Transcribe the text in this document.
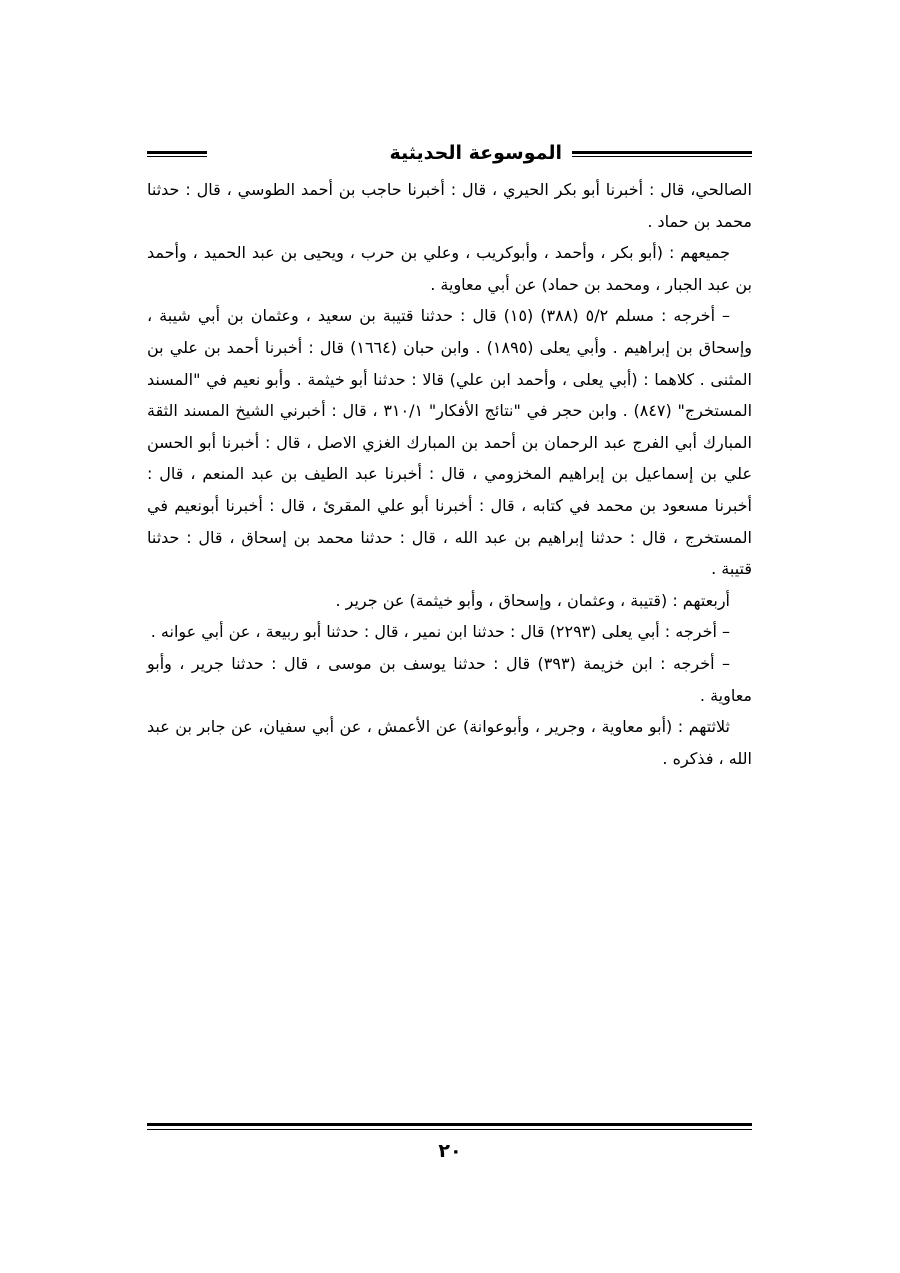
الموسوعة الحديثية

الصالحي، قال : أخبرنا أبو بكر الحيري ، قال : أخبرنا حاجب بن أحمد الطوسي ، قال : حدثنا محمد بن حماد .

جميعهم : (أبو بكر ، وأحمد ، وأبوكريب ، وعلي بن حرب ، ويحيى بن عبد الحميد ، وأحمد بن عبد الجبار ، ومحمد بن حماد) عن أبي معاوية .

– أخرجه : مسلم ٥/٢ (٣٨٨) (١٥) قال : حدثنا قتيبة بن سعيد ، وعثمان بن أبي شيبة ، وإسحاق بن إبراهيم . وأبي يعلى (١٨٩٥) . وابن حبان (١٦٦٤) قال : أخبرنا أحمد بن علي بن المثنى . كلاهما : (أبي يعلى ، وأحمد ابن علي) قالا : حدثنا أبو خيثمة . وأبو نعيم في "المسند المستخرج" (٨٤٧) . وابن حجر في "نتائج الأفكار" ٣١٠/١ ، قال : أخبرني الشيخ المسند الثقة المبارك أبي الفرج عبد الرحمان بن أحمد بن المبارك الغزي الاصل ، قال : أخبرنا أبو الحسن علي بن إسماعيل بن إبراهيم المخزومي ، قال : أخبرنا عبد الطيف بن عبد المنعم ، قال : أخبرنا مسعود بن محمد في كتابه ، قال : أخبرنا أبو علي المقرئ ، قال : أخبرنا أبونعيم في المستخرج ، قال : حدثنا إبراهيم بن عبد الله ، قال : حدثنا محمد بن إسحاق ، قال : حدثنا قتيبة .

أربعتهم : (قتيبة ، وعثمان ، وإسحاق ، وأبو خيثمة) عن جرير .

– أخرجه : أبي يعلى (٢٢٩٣) قال : حدثنا ابن نمير ، قال : حدثنا أبو ربيعة ، عن أبي عوانه .

– أخرجه : ابن خزيمة (٣٩٣) قال : حدثنا يوسف بن موسى ، قال : حدثنا جرير ، وأبو معاوية .

ثلاثتهم : (أبو معاوية ، وجرير ، وأبوعوانة) عن الأعمش ، عن أبي سفيان، عن جابر بن عبد الله ، فذكره .

٢٠
